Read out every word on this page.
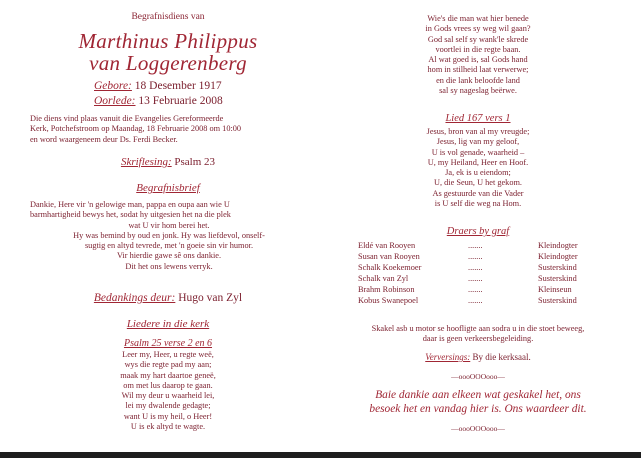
Begrafnisdiens van
Marthinus Philippus
van Loggerenberg
Gebore: 18 Desember 1917
Oorlede: 13 Februarie 2008
Die diens vind plaas vanuit die Evangelies Gereformeerde
Kerk, Potchefstroom op Maandag, 18 Februarie 2008 om 10:00
en word waargeneem deur Ds. Ferdi Becker.
Skriflesing: Psalm 23
Begrafnisbrief
Dankie, Here vir 'n gelowige man, pappa en oupa aan wie U
barmhartigheid bewys het, sodat hy uitgesien het na die plek
wat U vir hom berei het.
Hy was bemind by oud en jonk. Hy was liefdevol, onself-
sugtig en altyd tevrede, met 'n goeie sin vir humor.
Vir hierdie gawe sê ons dankie.
Dit het ons lewens verryk.
Bedankings deur: Hugo van Zyl
Liedere in die kerk
Psalm 25 verse 2 en 6
Leer my, Heer, u regte weë,
wys die regte pad my aan;
maak my hart daartoe geneë,
om met lus daarop te gaan.
Wil my deur u waarheid lei,
lei my dwalende gedagte;
want U is my heil, o Heer!
U is ek altyd te wagte.
Wie's die man wat hier benede
in Gods vrees sy weg wil gaan?
God sal self sy wank'le skrede
voortlei in die regte baan.
Al wat goed is, sal Gods hand
hom in stilheid laat verwerwe;
en die lank beloofde land
sal sy nageslag beërwe.
Lied 167 vers 1
Jesus, bron van al my vreugde;
Jesus, lig van my geloof,
U is vol genade, waarheid –
U, my Heiland, Heer en Hoof.
Ja, ek is u eiendom;
U, die Seun, U het gekom.
As gestuurde van die Vader
is U self die weg na Hom.
Draers by graf
Eldé van Rooyen	.......	Kleindogter
Susan van Rooyen	.......	Kleindogter
Schalk Koekemoer	.......	Susterskind
Schalk van Zyl	.......	Susterskind
Brahm Robinson	.......	Kleinseun
Kobus Swanepoel	.......	Susterskind
Skakel asb u motor se hoofligte aan sodra u in die stoet beweeg,
daar is geen verkeersbegeleiding.
Verversings: By die kerksaal.
—oooOOOooo—
Baie dankie aan elkeen wat geskakel het, ons
besoek het en vandag hier is. Ons waardeer dit.
—oooOOOooo—
